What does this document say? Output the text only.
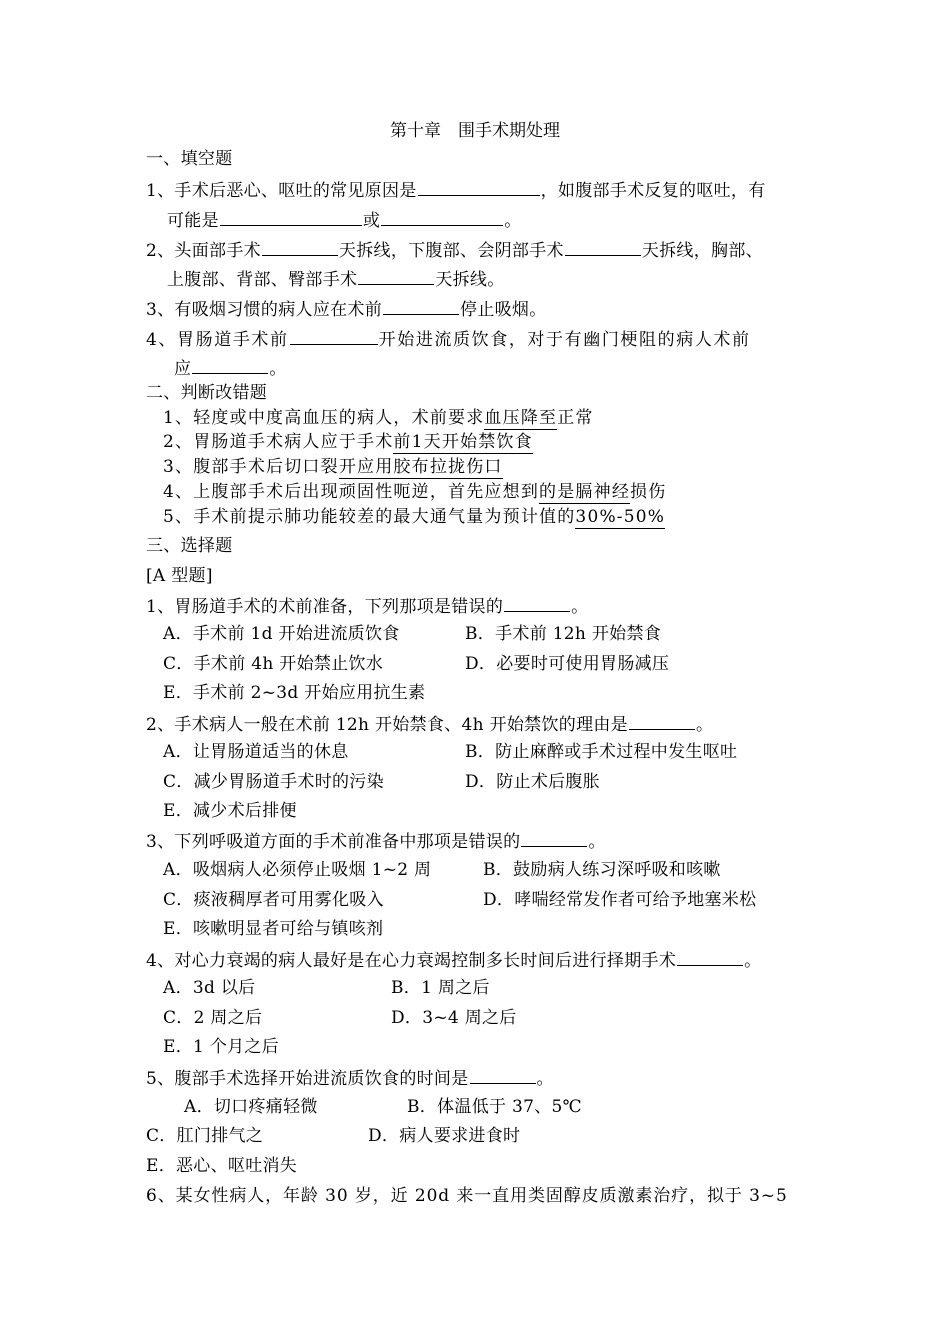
第十章　围手术期处理
一、填空题
1、手术后恶心、呕吐的常见原因是	，如腹部手术反复的呕吐，有
可能是	或	。
2、头面部手术	天拆线，下腹部、会阴部手术	天拆线，胸部、
上腹部、背部、臀部手术	天拆线。
3、有吸烟习惯的病人应在术前	停止吸烟。
4、胃肠道手术前	开始进流质饮食，对于有幽门梗阻的病人术前
应	。
二、判断改错题
1、轻度或中度高血压的病人，术前要求血压降至正常
2、胃肠道手术病人应于手术前1天开始禁饮食
3、腹部手术后切口裂开应用胶布拉拢伤口
4、上腹部手术后出现顽固性呃逆，首先应想到的是膈神经损伤
5、手术前提示肺功能较差的最大通气量为预计值的30%-50%
三、选择题
[A 型题]
1、胃肠道手术的术前准备，下列那项是错误的	。
A．手术前 1d 开始进流质饮食	B．手术前 12h 开始禁食
C．手术前 4h 开始禁止饮水	D．必要时可使用胃肠减压
E．手术前 2~3d 开始应用抗生素
2、手术病人一般在术前 12h 开始禁食、4h 开始禁饮的理由是	。
A．让胃肠道适当的休息	B．防止麻醉或手术过程中发生呕吐
C．减少胃肠道手术时的污染	D．防止术后腹胀
E．减少术后排便
3、下列呼吸道方面的手术前准备中那项是错误的	。
A．吸烟病人必须停止吸烟 1~2 周	B．鼓励病人练习深呼吸和咳嗽
C．痰液稠厚者可用雾化吸入	D．哮喘经常发作者可给予地塞米松
E．咳嗽明显者可给与镇咳剂
4、对心力衰竭的病人最好是在心力衰竭控制多长时间后进行择期手术	。
A．3d 以后	B．1 周之后
C．2 周之后	D．3~4 周之后
E．1 个月之后
5、腹部手术选择开始进流质饮食的时间是	。
A．切口疼痛轻微	B．体温低于 37、5℃
C．肛门排气之	D．病人要求进食时
E．恶心、呕吐消失
6、某女性病人，年龄 30 岁，近 20d 来一直用类固醇皮质激素治疗，拟于 3~5
